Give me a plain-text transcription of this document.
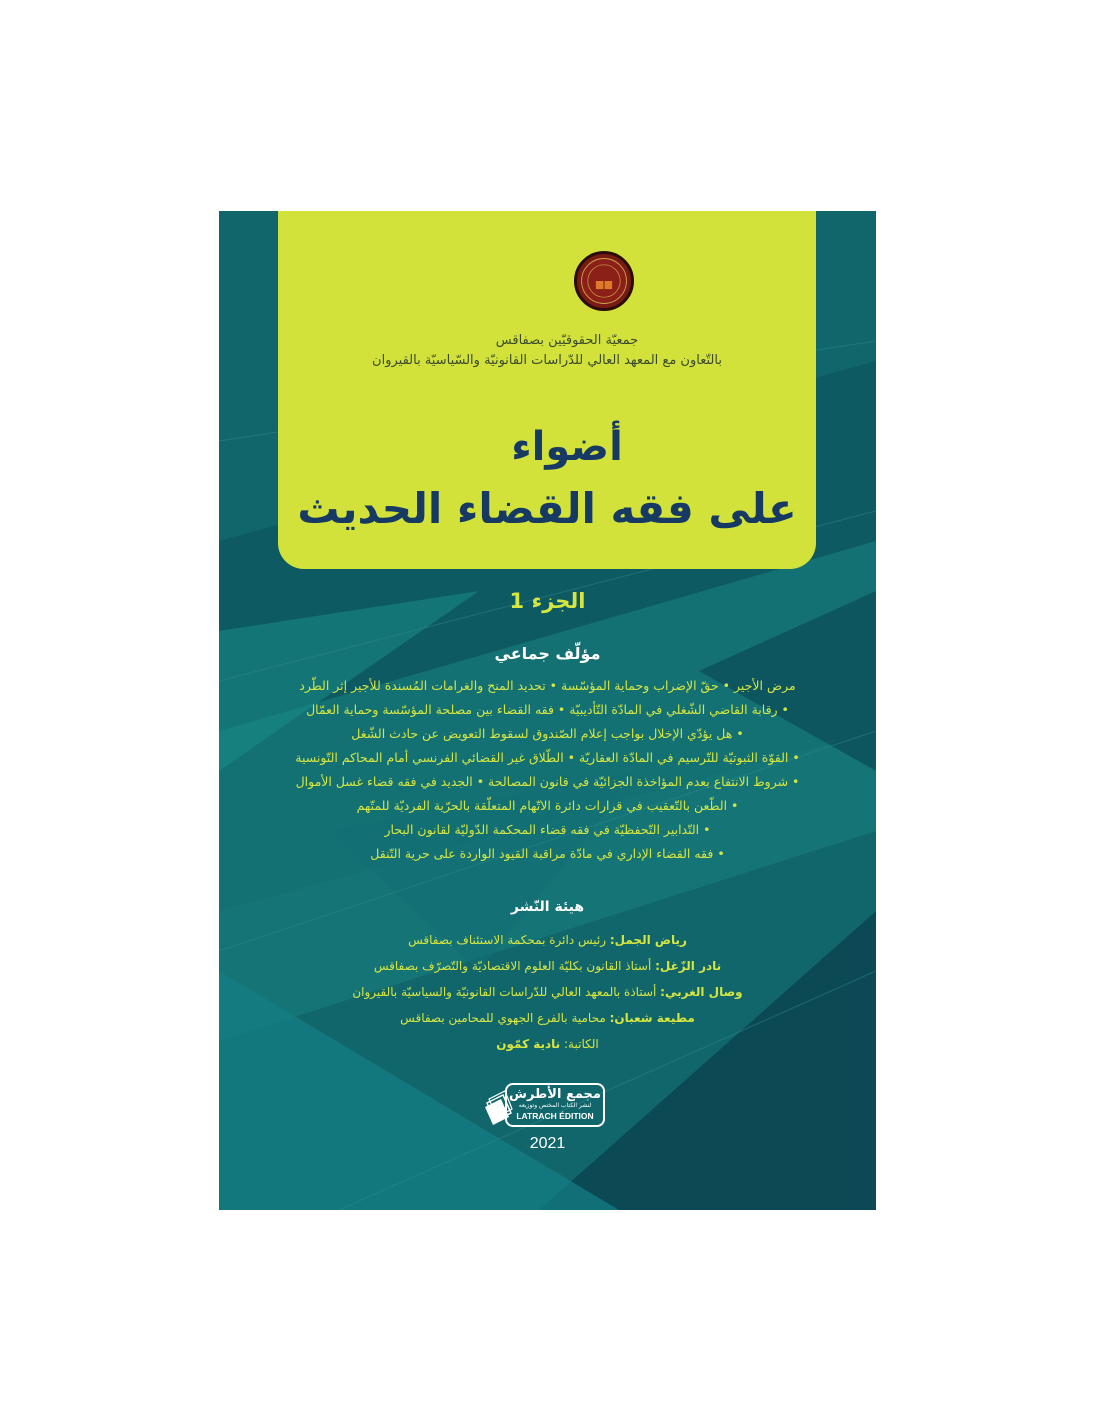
جمعيّة الحقوقيّين بصفاقس
بالتّعاون مع المعهد العالي للدّراسات القانونيّة والسّياسيّة بالقيروان
أضواء
على فقه القضاء الحديث
الجزء 1
مؤلّف جماعي
مرض الأجير • حقّ الإضراب وحماية المؤسّسة • تحديد المنح والغرامات المُسندة للأجير إثر الطّرد
• رقابة القاضي الشّغلي في المادّة التّأديبيّة • فقه القضاء بين مصلحة المؤسّسة وحماية العمّال
• هل يؤدّي الإخلال بواجب إعلام الصّندوق لسقوط التعويض عن حادث الشّغل
• القوّة الثبوتيّة للتّرسيم في المادّة العقاريّة • الطّلاق غير القضائي الفرنسي أمام المحاكم التّونسية
• شروط الانتفاع بعدم المؤاخذة الجزائيّة في قانون المصالحة • الجديد في فقه قضاء غسل الأموال
• الطّعن بالتّعقيب في قرارات دائرة الاتّهام المتعلّقة بالحرّية الفرديّة للمتّهم
• التّدابير التّحفظيّة في فقه قضاء المحكمة الدّوليّة لقانون البحار
• فقه القضاء الإداري في مادّة مراقبة القيود الواردة على حرية التّنقل
هيئة النّشر
رياض الجمل: رئيس دائرة بمحكمة الاستئناف بصفاقس
نادر الزّغل: أستاذ القانون بكليّة العلوم الاقتصاديّة والتّصرّف بصفاقس
وصال الغربي: أستاذة بالمعهد العالي للدّراسات القانونيّة والسياسيّة بالقيروان
مطيعة شعبان: محامية بالفرع الجهوي للمحامين بصفاقس
الكاتبة: نادية كمّون
مجمع الأطرش
لنشر الكتاب المختص وتوزيعه
LATRACH ÉDITION
2021
